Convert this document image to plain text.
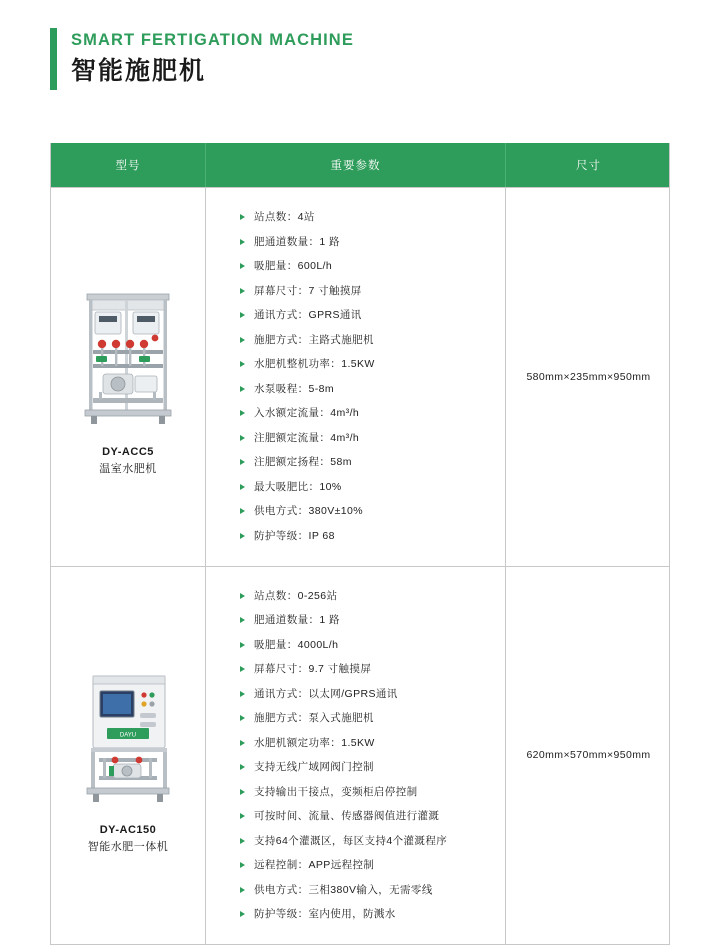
SMART FERTIGATION MACHINE
智能施肥机
型号	重要参数	尺寸
DY-ACC5
温室水肥机
站点数：4站
肥通道数量：1 路
吸肥量：600L/h
屏幕尺寸：7 寸触摸屏
通讯方式：GPRS通讯
施肥方式：主路式施肥机
水肥机整机功率：1.5KW
水泵吸程：5-8m
入水额定流量：4m³/h
注肥额定流量：4m³/h
注肥额定扬程：58m
最大吸肥比：10%
供电方式：380V±10%
防护等级：IP 68
580mm×235mm×950mm
DAYU
DY-AC150
智能水肥一体机
站点数：0-256站
肥通道数量：1 路
吸肥量：4000L/h
屏幕尺寸：9.7 寸触摸屏
通讯方式：以太网/GPRS通讯
施肥方式：泵入式施肥机
水肥机额定功率：1.5KW
支持无线广域网阀门控制
支持输出干接点，变频柜启停控制
可按时间、流量、传感器阀值进行灌溉
支持64个灌溉区，每区支持4个灌溉程序
远程控制：APP远程控制
供电方式：三相380V输入，无需零线
防护等级：室内使用，防溅水
620mm×570mm×950mm
